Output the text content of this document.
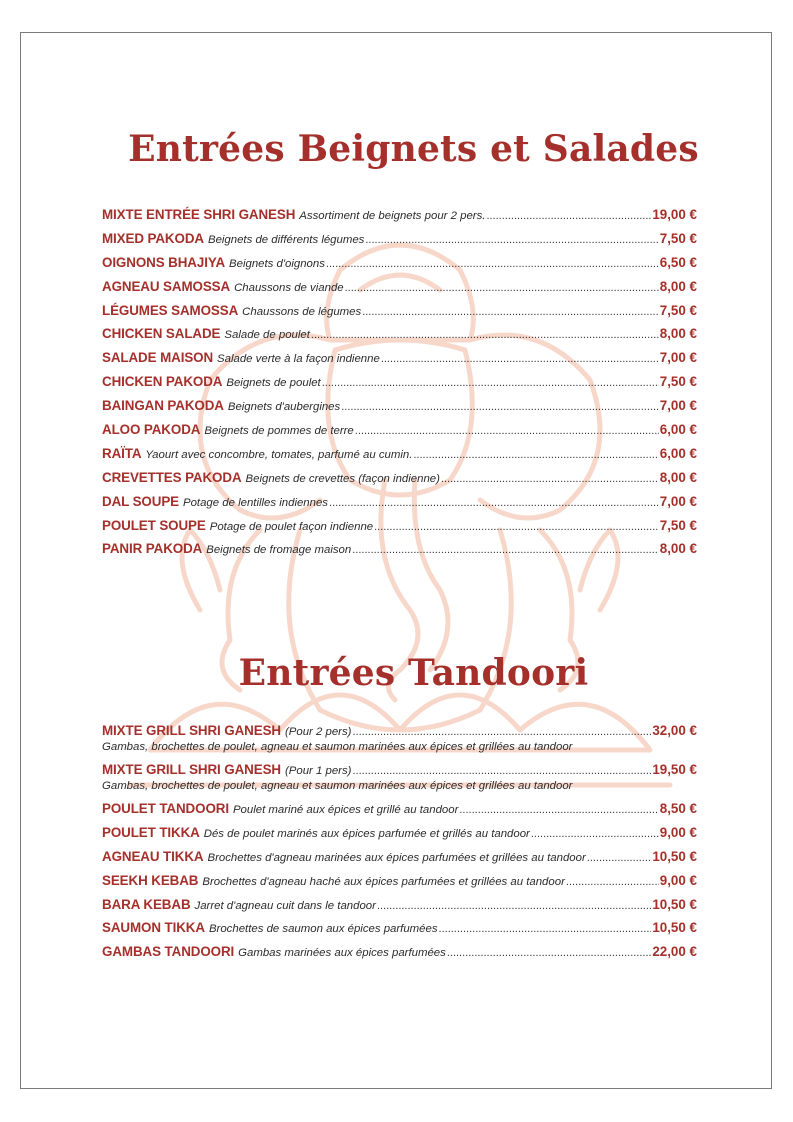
Entrées Beignets et Salades
MIXTE ENTRÉE SHRI GANESH Assortiment de beignets pour 2 pers. .....	19,00 €
MIXED PAKODA Beignets de différents légumes .....	7,50 €
OIGNONS BHAJIYA Beignets d'oignons .....	6,50 €
AGNEAU SAMOSSA Chaussons de viande .....	8,00 €
LÉGUMES SAMOSSA Chaussons de légumes .....	7,50 €
CHICKEN SALADE Salade de poulet .....	8,00 €
SALADE MAISON Salade verte à la façon indienne .....	7,00 €
CHICKEN PAKODA Beignets de poulet .....	7,50 €
BAINGAN PAKODA Beignets d'aubergines .....	7,00 €
ALOO PAKODA Beignets de pommes de terre .....	6,00 €
RAÏTA Yaourt avec concombre, tomates, parfumé au cumin. .....	6,00 €
CREVETTES PAKODA Beignets de crevettes (façon indienne) .....	8,00 €
DAL SOUPE Potage de lentilles indiennes .....	7,00 €
POULET SOUPE Potage de poulet façon indienne .....	7,50 €
PANIR PAKODA Beignets de fromage maison .....	8,00 €
Entrées Tandoori
MIXTE GRILL SHRI GANESH (Pour 2 pers) .....	32,00 €
Gambas, brochettes de poulet, agneau et saumon marinées aux épices et grillées au tandoor
MIXTE GRILL SHRI GANESH (Pour 1 pers) .....	19,50 €
Gambas, brochettes de poulet, agneau et saumon marinées aux épices et grillées au tandoor
POULET TANDOORI Poulet mariné aux épices et grillé au tandoor .....	8,50 €
POULET TIKKA Dés de poulet marinés aux épices parfumée et grillés au tandoor .....	9,00 €
AGNEAU TIKKA Brochettes d'agneau marinées aux épices parfumées et grillées au tandoor .....	10,50 €
SEEKH KEBAB Brochettes d'agneau haché aux épices parfumées et grillées au tandoor .....	9,00 €
BARA KEBAB Jarret d'agneau cuit dans le tandoor .....	10,50 €
SAUMON TIKKA Brochettes de saumon aux épices parfumées .....	10,50 €
GAMBAS TANDOORI Gambas marinées aux épices parfumées .....	22,00 €
